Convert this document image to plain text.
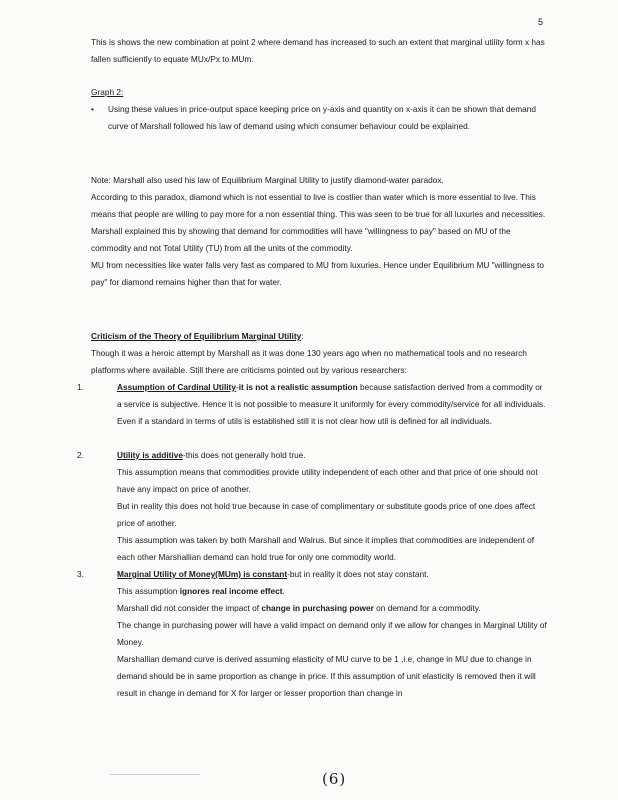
5

This is shows the new combination at point 2 where demand has increased to such an extent that marginal utility form x has fallen sufficiently to equate MUx/Px to MUm.

Graph 2:

• Using these values in price-output space keeping price on y-axis and quantity on x-axis it can be shown that demand curve of Marshall followed his law of demand using which consumer behaviour could be explained.

Note: Marshall also used his law of Equilibrium Marginal Utility to justify diamond-water paradox.

According to this paradox, diamond which is not essential to live is costlier than water which is more essential to live. This means that people are willing to pay more for a non essential thing. This was seen to be true for all luxuries and necessities.

Marshall explained this by showing that demand for commodities will have "willingness to pay" based on MU of the commodity and not Total Utility (TU) from all the units of the commodity.

MU from necessities like water falls very fast as compared to MU from luxuries. Hence under Equilibrium MU "willingness to pay" for diamond remains higher than that for water.

Criticism of the Theory of Equilibrium Marginal Utility:

Though it was a heroic attempt by Marshall as it was done 130 years ago when no mathematical tools and no research platforms where available. Still there are criticisms pointed out by various researchers:

1.	Assumption of Cardinal Utility-it is not a realistic assumption because satisfaction derived from a commodity or a service is subjective. Hence it is not possible to measure it uniformly for every commodity/service for all individuals.

Even if a standard in terms of utils is established still it is not clear how util is defined for all individuals.

2.	Utility is additive-this does not generally hold true.

This assumption means that commodities provide utility independent of each other and that price of one should not have any impact on price of another.

But in reality this does not hold true because in case of complimentary or substitute goods price of one does affect price of another.

This assumption was taken by both Marshall and Walrus. But since it implies that commodities are independent of each other Marshallian demand can hold true for only one commodity world.

3.	Marginal Utility of Money(MUm) is constant-but in reality it does not stay constant.

This assumption ignores real income effect.

Marshall did not consider the impact of change in purchasing power on demand for a commodity.

The change in purchasing power will have a valid impact on demand only if we allow for changes in Marginal Utility of Money.

Marshallian demand curve is derived assuming elasticity of MU curve to be 1 ,i.e, change in MU due to change in demand should be in same proportion as change in price. If this assumption of unit elasticity is removed then it will result in change in demand for X for larger or lesser proportion than change in

(6)
